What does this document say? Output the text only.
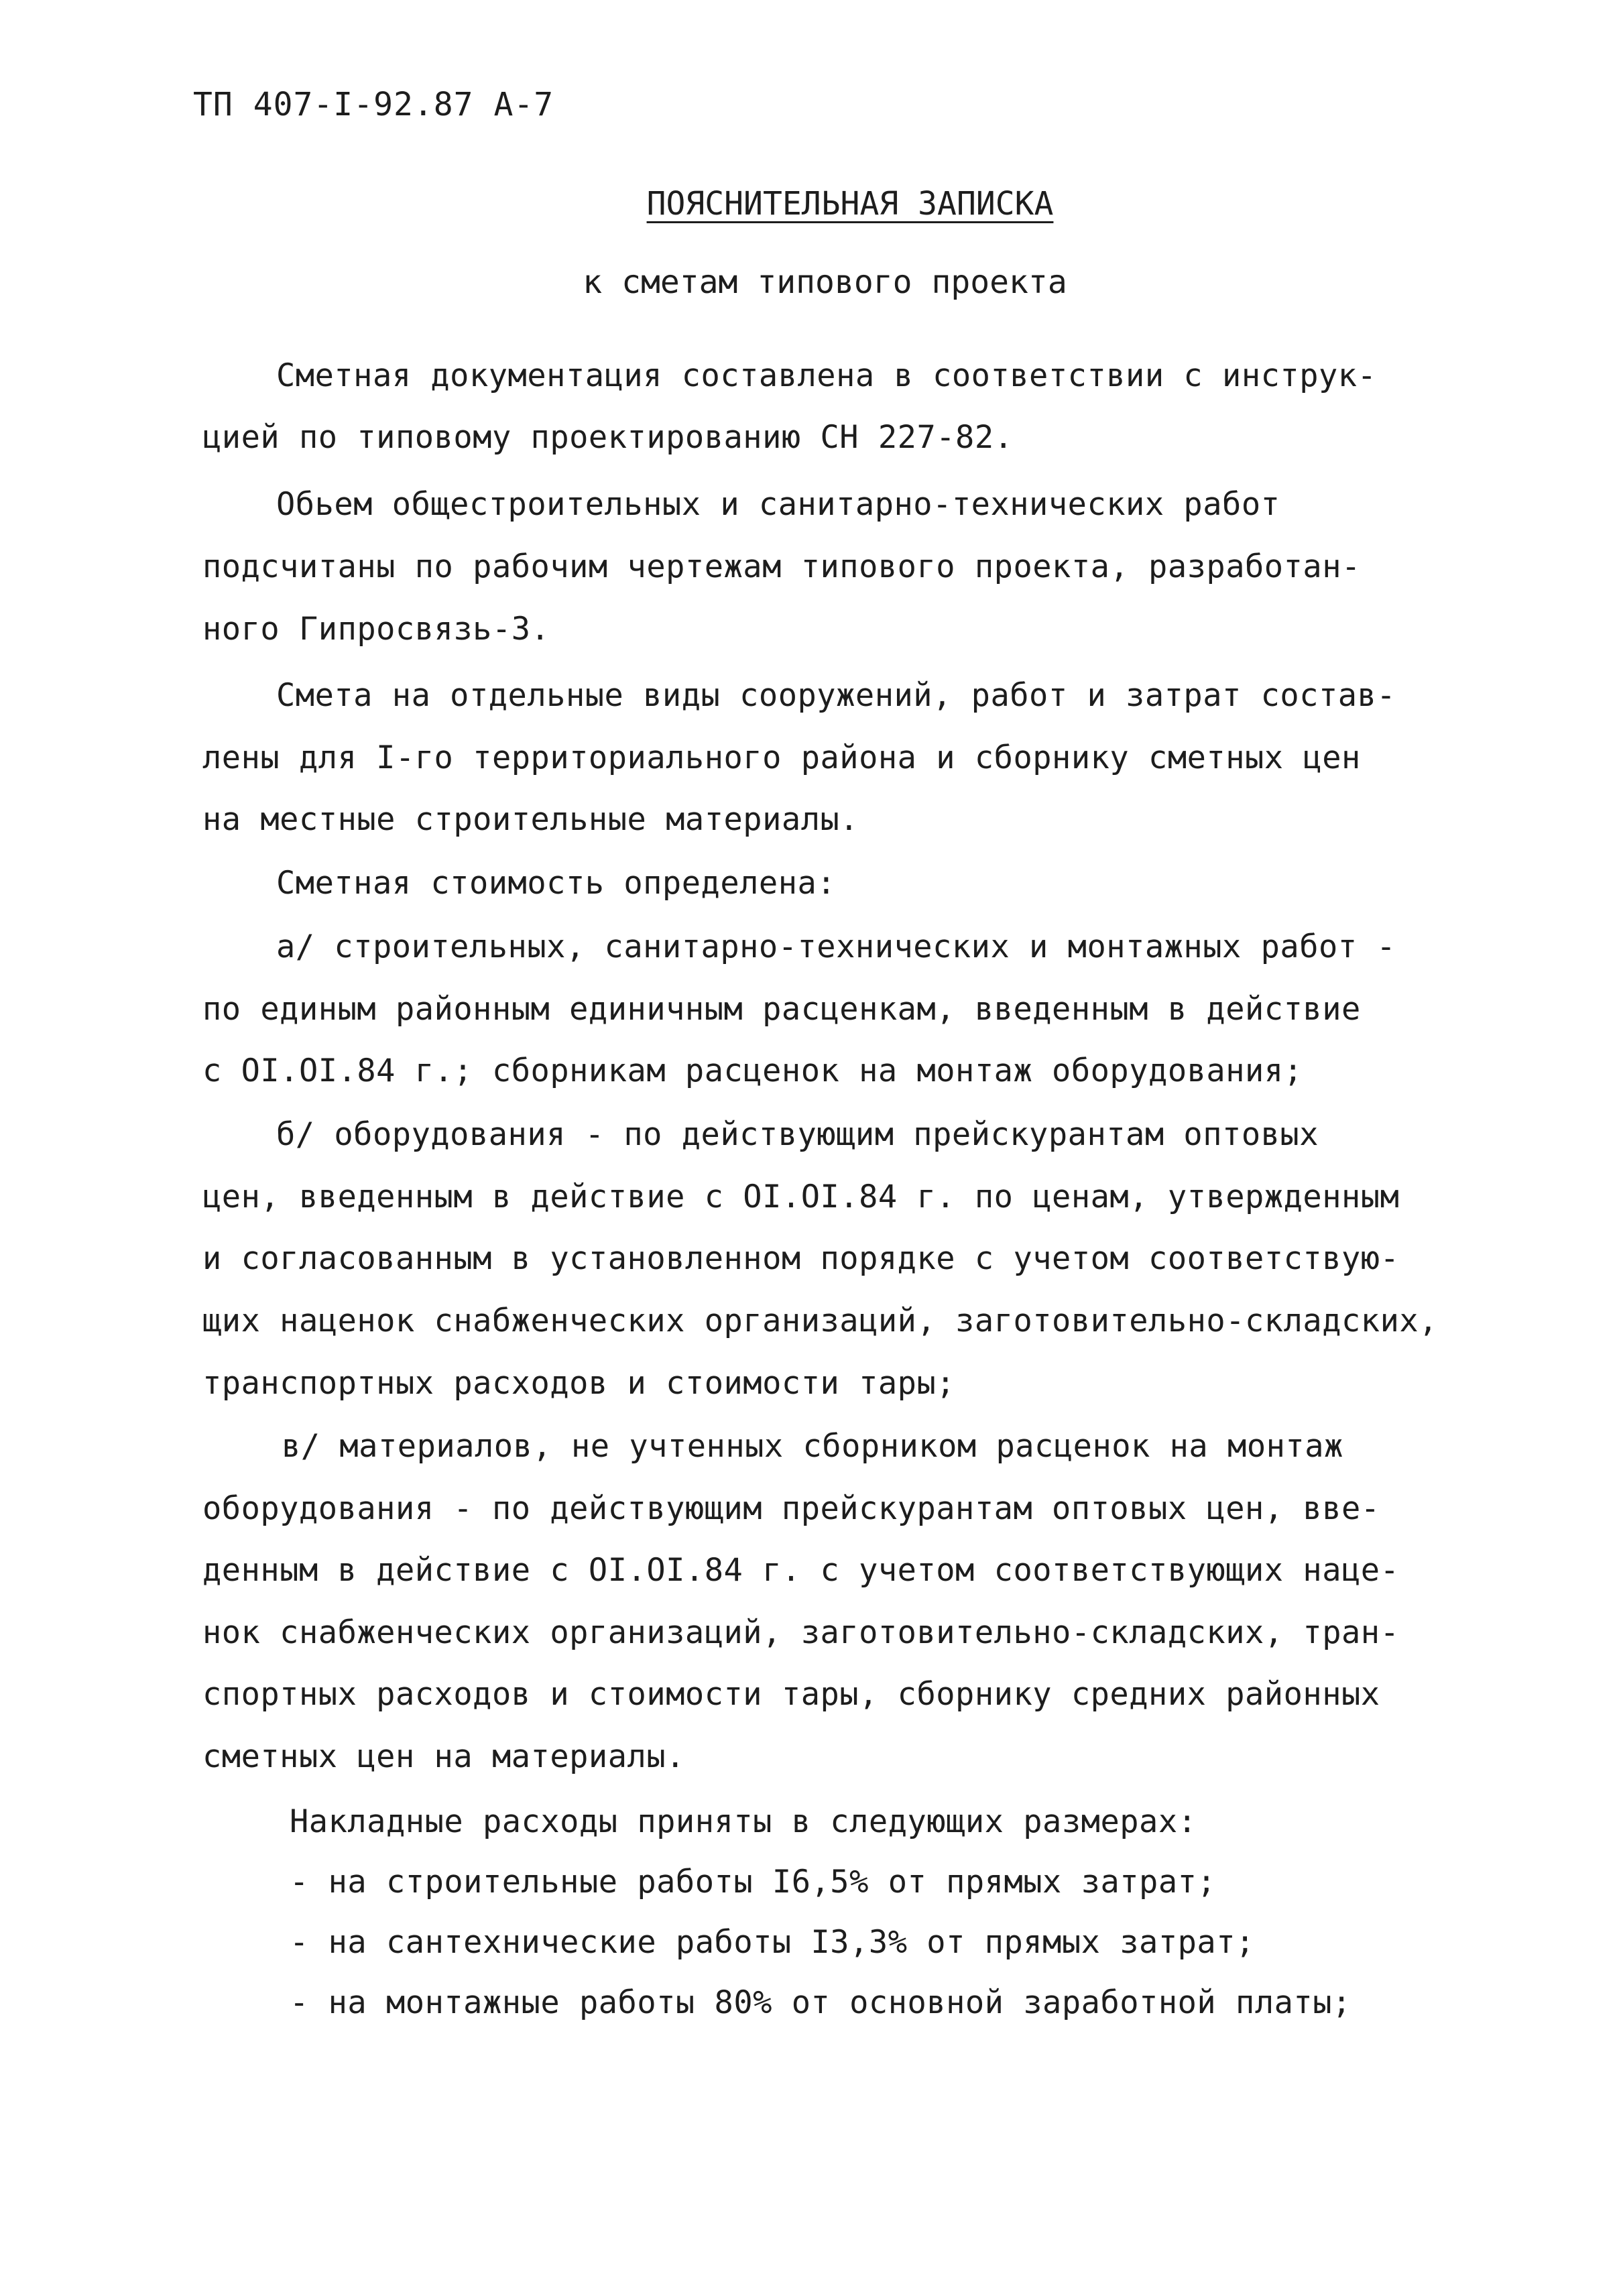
ТП 407-I-92.87 А-7
ПОЯСНИТЕЛЬНАЯ ЗАПИСКА
к сметам типового проекта
Сметная документация составлена в соответствии с инструк-
цией по типовому проектированию СН 227-82.
Обьем общестроительных и санитарно-технических работ
подсчитаны по рабочим чертежам типового проекта, разработан-
ного Гипросвязь-3.
Смета на отдельные виды сооружений, работ и затрат состав-
лены для I-го территориального района и сборнику сметных цен
на местные строительные материалы.
Сметная стоимость определена:
а/ строительных, санитарно-технических и монтажных работ -
по единым районным единичным расценкам, введенным в действие
с OI.OI.84 г.; сборникам расценок на монтаж оборудования;
б/ оборудования - по действующим прейскурантам оптовых
цен, введенным в действие с OI.OI.84 г. по ценам, утвержденным
и согласованным в установленном порядке с учетом соответствую-
щих наценок снабженческих организаций, заготовительно-складских,
транспортных расходов и стоимости тары;
в/ материалов, не учтенных сборником расценок на монтаж
оборудования - по действующим прейскурантам оптовых цен, вве-
денным в действие с OI.OI.84 г. с учетом соответствующих наце-
нок снабженческих организаций, заготовительно-складских, тран-
спортных расходов и стоимости тары, сборнику средних районных
сметных цен на материалы.
Накладные расходы приняты в следующих размерах:
- на строительные работы I6,5% от прямых затрат;
- на сантехнические работы I3,3% от прямых затрат;
- на монтажные работы 80% от основной заработной платы;
